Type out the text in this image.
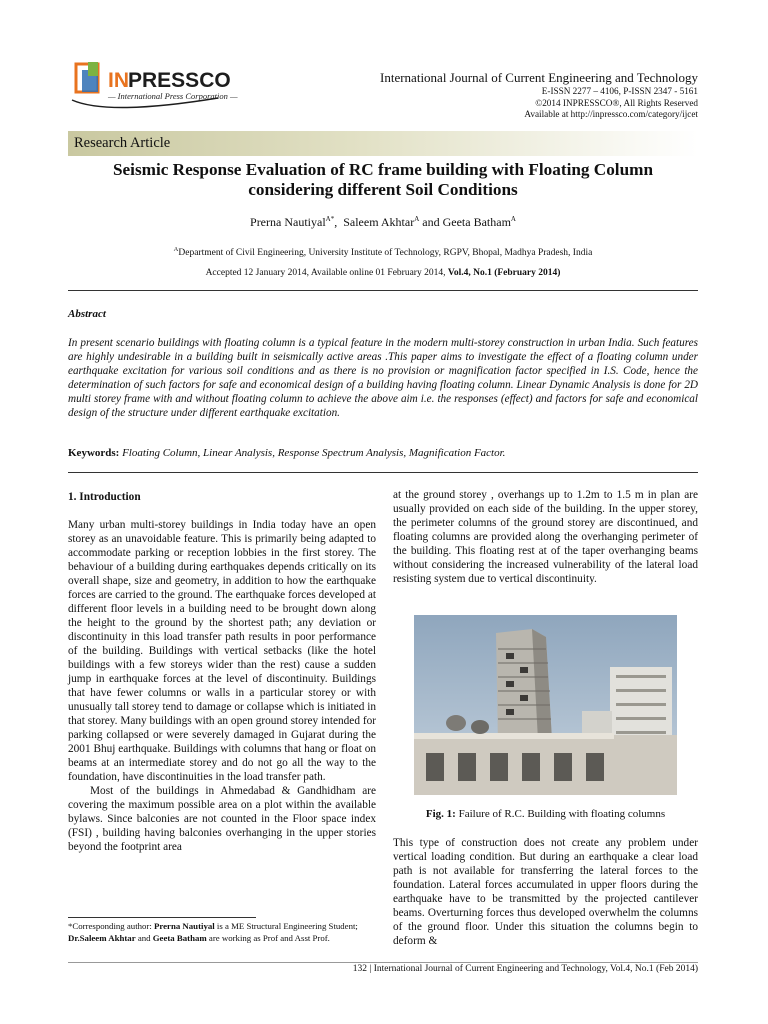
IN PRESSCO
— International Press Corporation —
International Journal of Current Engineering and Technology
E-ISSN 2277 – 4106, P-ISSN 2347 - 5161
©2014 INPRESSCO®, All Rights Reserved
Available at http://inpressco.com/category/ijcet
Research Article
Seismic Response Evaluation of RC frame building with Floating Column
considering different Soil Conditions
Prerna Nautiyal$^{A*}$,  Saleem Akhtar$^A$ and Geeta Batham$^A$
$^A$Department of Civil Engineering, University Institute of Technology, RGPV, Bhopal, Madhya Pradesh, India
Accepted 12 January 2014, Available online 01 February 2014, Vol.4, No.1 (February 2014)
Abstract
In present scenario buildings with floating column is a typical feature in the modern multi-storey construction in urban India. Such features are highly undesirable in a building built in seismically active areas .This paper aims to investigate the effect of a floating column under earthquake excitation for various soil conditions and as there is no provision or magnification factor specified in I.S. Code, hence the determination of such factors for safe and economical design of a building having floating column. Linear Dynamic Analysis is done for 2D multi storey frame with and without floating column to achieve the above aim i.e. the responses (effect) and factors for safe and economical design of the structure under different earthquake excitation.
Keywords: Floating Column, Linear Analysis, Response Spectrum Analysis, Magnification Factor.

1. Introduction

Many urban multi-storey buildings in India today have an open storey as an unavoidable feature. This is primarily being adapted to accommodate parking or reception lobbies in the first storey. The behaviour of a building during earthquakes depends critically on its overall shape, size and geometry, in addition to how the earthquake forces are carried to the ground. The earthquake forces developed at different floor levels in a building need to be brought down along the height to the ground by the shortest path; any deviation or discontinuity in this load transfer path results in poor performance of the building. Buildings with vertical setbacks (like the hotel buildings with a few storeys wider than the rest) cause a sudden jump in earthquake forces at the level of discontinuity. Buildings that have fewer columns or walls in a particular storey or with unusually tall storey tend to damage or collapse which is initiated in that storey. Many buildings with an open ground storey intended for parking collapsed or were severely damaged in Gujarat during the 2001 Bhuj earthquake. Buildings with columns that hang or float on beams at an intermediate storey and do not go all the way to the foundation, have discontinuities in the load transfer path.

Most of the buildings in Ahmedabad & Gandhidham are covering the maximum possible area on a plot within the available bylaws. Since balconies are not counted in the Floor space index (FSI) , building having balconies overhanging in the upper stories beyond the footprint area

at the ground storey , overhangs up to 1.2m to 1.5 m in plan are usually provided on each side of the building. In the upper storey, the perimeter columns of the ground storey are discontinued, and floating columns are provided along the overhanging perimeter of the building. This floating rest at of the taper overhanging beams without considering the increased vulnerability of the lateral load resisting system due to vertical discontinuity.

Fig. 1: Failure of R.C. Building with floating columns

This type of construction does not create any problem under vertical loading condition. But during an earthquake a clear load path is not available for transferring the lateral forces to the foundation. Lateral forces accumulated in upper floors during the earthquake have to be transmitted by the projected cantilever beams. Overturning forces thus developed overwhelm the columns of the ground floor. Under this situation the columns begin to deform &

*Corresponding author: Prerna Nautiyal is a ME Structural Engineering Student; Dr.Saleem Akhtar and Geeta Batham are working as Prof and Asst Prof.
132 | International Journal of Current Engineering and Technology, Vol.4, No.1 (Feb 2014)
